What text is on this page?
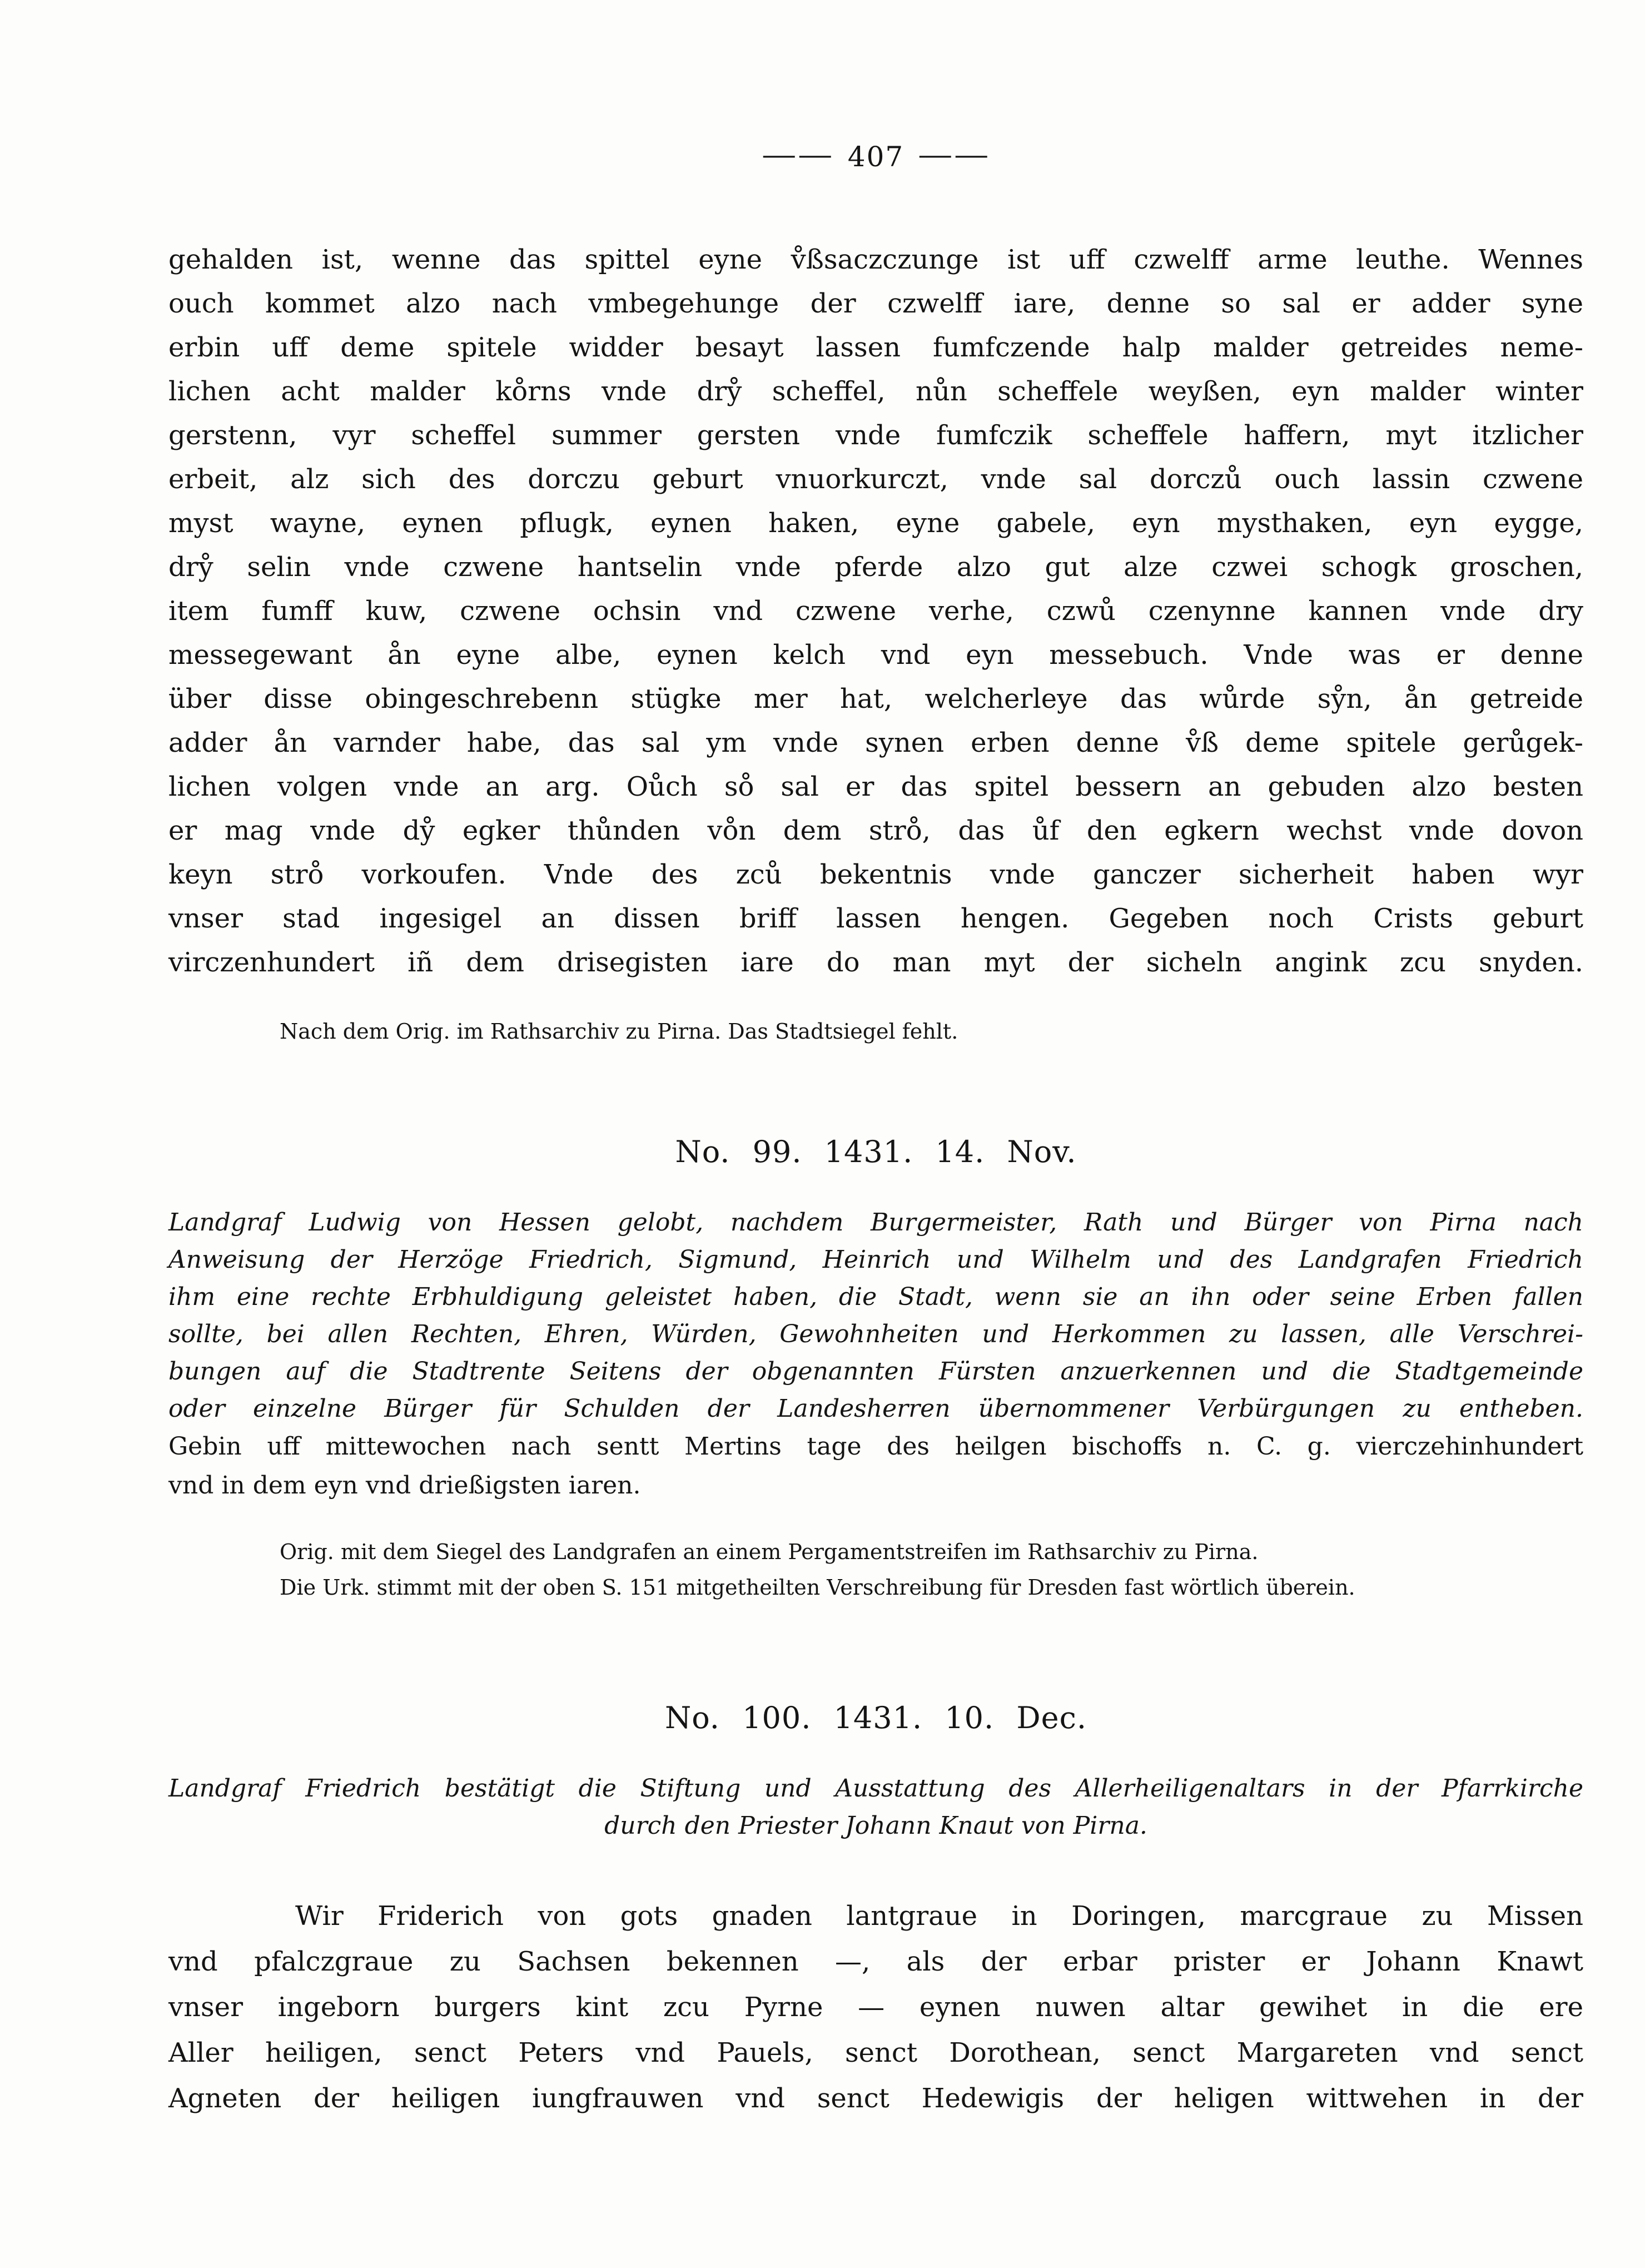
—— 407 ——
gehalden ist, wenne das spittel eyne v̊ßsaczczunge ist uff czwelff arme leuthe. Wennes
ouch kommet alzo nach vmbegehunge der czwelff iare, denne so sal er adder syne
erbin uff deme spitele widder besayt lassen fumfczende halp malder getreides neme-
lichen acht malder ko̊rns vnde drẙ scheffel, nůn scheffele weyßen, eyn malder winter
gerstenn, vyr scheffel summer gersten vnde fumfczik scheffele haffern, myt itzlicher
erbeit, alz sich des dorczu geburt vnuorkurczt, vnde sal dorczů ouch lassin czwene
myst wayne, eynen pflugk, eynen haken, eyne gabele, eyn mysthaken, eyn eygge,
drẙ selin vnde czwene hantselin vnde pferde alzo gut alze czwei schogk groschen,
item fumff kuw, czwene ochsin vnd czwene verhe, czwů czenynne kannen vnde dry
messegewant ån eyne albe, eynen kelch vnd eyn messebuch. Vnde was er denne
über disse obingeschrebenn stügke mer hat, welcherleye das wůrde sẙn, ån getreide
adder ån varnder habe, das sal ym vnde synen erben denne v̊ß deme spitele gerůgek-
lichen volgen vnde an arg. Oůch so̊ sal er das spitel bessern an gebuden alzo besten
er mag vnde dẙ egker thůnden vo̊n dem stro̊, das ůf den egkern wechst vnde dovon
keyn stro̊ vorkoufen. Vnde des zců bekentnis vnde ganczer sicherheit haben wyr
vnser stad ingesigel an dissen briff lassen hengen. Gegeben noch Crists geburt
virczenhundert iñ dem drisegisten iare do man myt der sicheln angink zcu snyden.
Nach dem Orig. im Rathsarchiv zu Pirna. Das Stadtsiegel fehlt.
No. 99. 1431. 14. Nov.
Landgraf Ludwig von Hessen gelobt, nachdem Burgermeister, Rath und Bürger von Pirna nach
Anweisung der Herzöge Friedrich, Sigmund, Heinrich und Wilhelm und des Landgrafen Friedrich
ihm eine rechte Erbhuldigung geleistet haben, die Stadt, wenn sie an ihn oder seine Erben fallen
sollte, bei allen Rechten, Ehren, Würden, Gewohnheiten und Herkommen zu lassen, alle Verschrei-
bungen auf die Stadtrente Seitens der obgenannten Fürsten anzuerkennen und die Stadtgemeinde
oder einzelne Bürger für Schulden der Landesherren übernommener Verbürgungen zu entheben.
Gebin uff mittewochen nach sentt Mertins tage des heilgen bischoffs n. C. g. vierczehinhundert
vnd in dem eyn vnd drießigsten iaren.
Orig. mit dem Siegel des Landgrafen an einem Pergamentstreifen im Rathsarchiv zu Pirna.
Die Urk. stimmt mit der oben S. 151 mitgetheilten Verschreibung für Dresden fast wörtlich überein.
No. 100. 1431. 10. Dec.
Landgraf Friedrich bestätigt die Stiftung und Ausstattung des Allerheiligenaltars in der Pfarrkirche
durch den Priester Johann Knaut von Pirna.
Wir Friderich von gots gnaden lantgraue in Doringen, marcgraue zu Missen
vnd pfalczgraue zu Sachsen bekennen —, als der erbar prister er Johann Knawt
vnser ingeborn burgers kint zcu Pyrne — eynen nuwen altar gewihet in die ere
Aller heiligen, senct Peters vnd Pauels, senct Dorothean, senct Margareten vnd senct
Agneten der heiligen iungfrauwen vnd senct Hedewigis der heligen wittwehen in der
